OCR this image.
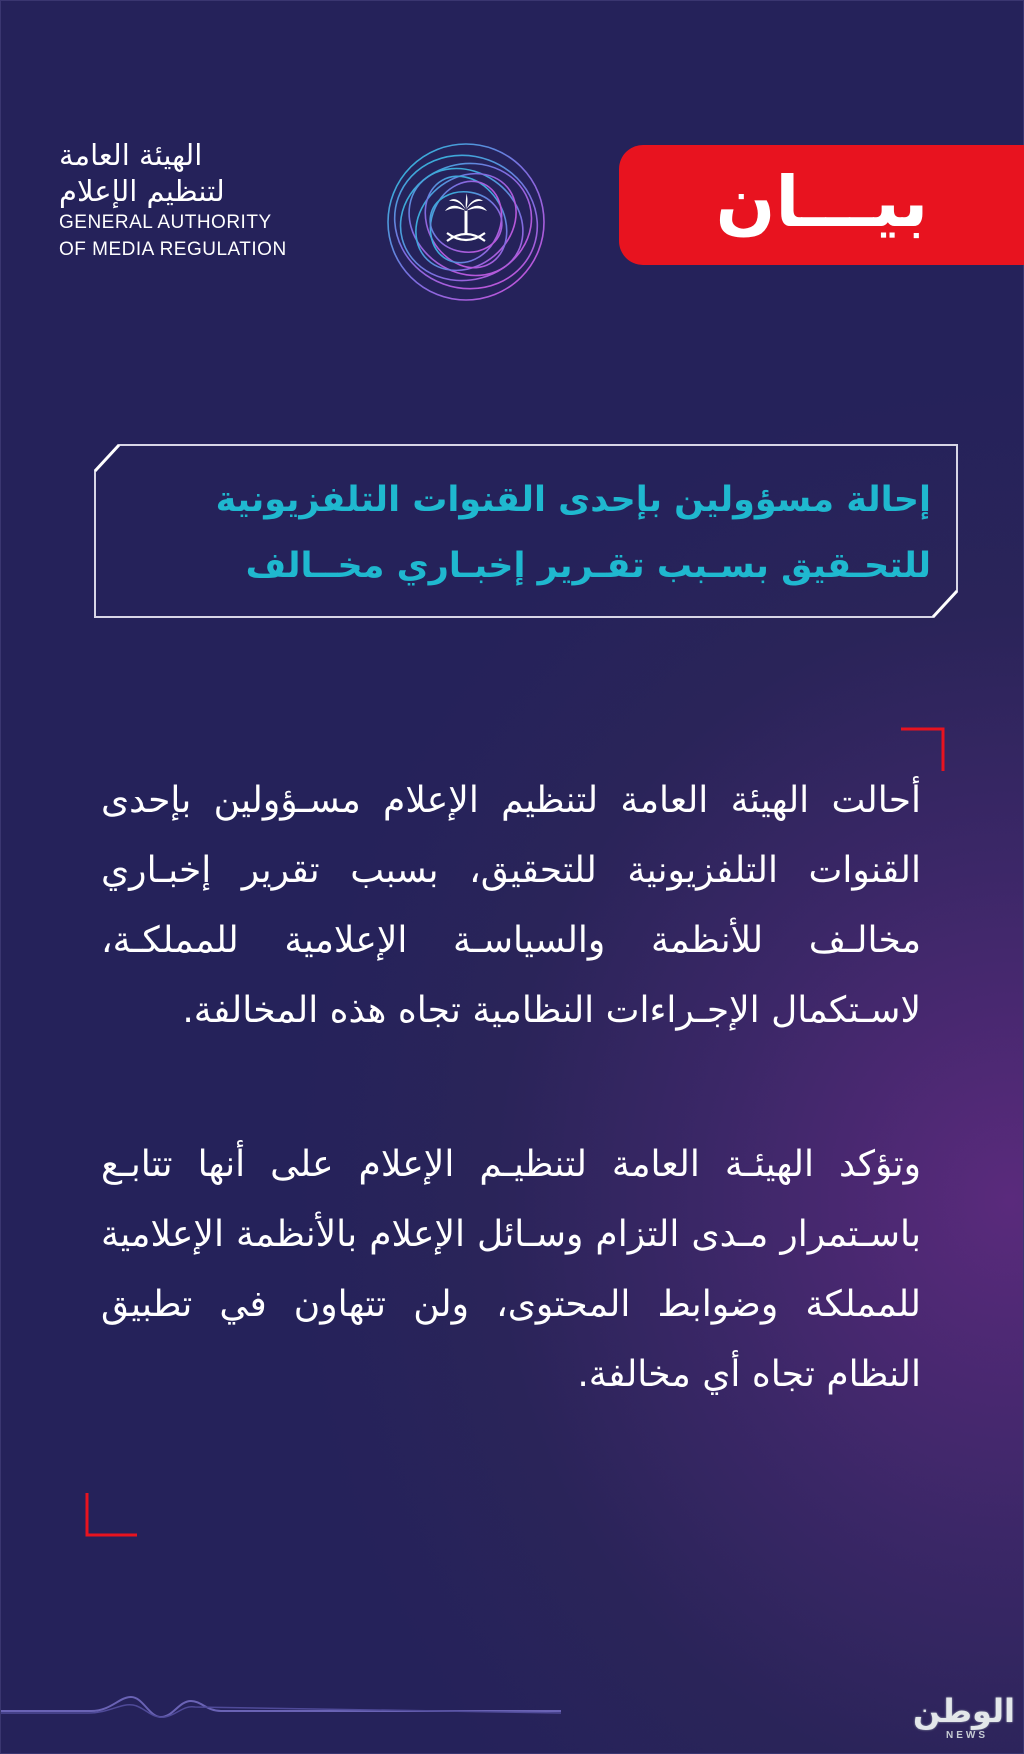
الهيئة العامة
لتنظيم الإعلام
GENERAL AUTHORITY
OF MEDIA REGULATION
بيـــان
إحالة مسؤولين بإحدى القنوات التلفزيونية
للتحـقيق بسـبب تقـرير إخبـاري مخــالف
أحالت الهيئة العامة لتنظيم الإعلام مسـؤولين بإحدى القنوات التلفزيونية للتحقيق، بسبب تقرير إخبـاري مخالـف للأنظمة والسياسـة الإعلامية للمملكـة، لاسـتكمال الإجـراءات النظامية تجاه هذه المخالفة.
وتؤكد الهيئـة العامة لتنظيـم الإعلام على أنها تتابـع باسـتمرار مـدى التزام وسـائل الإعلام بالأنظمة الإعلامية للمملكة وضوابط المحتوى، ولن تتهاون في تطبيق النظام تجاه أي مخالفة.
الوطن
NEWS
